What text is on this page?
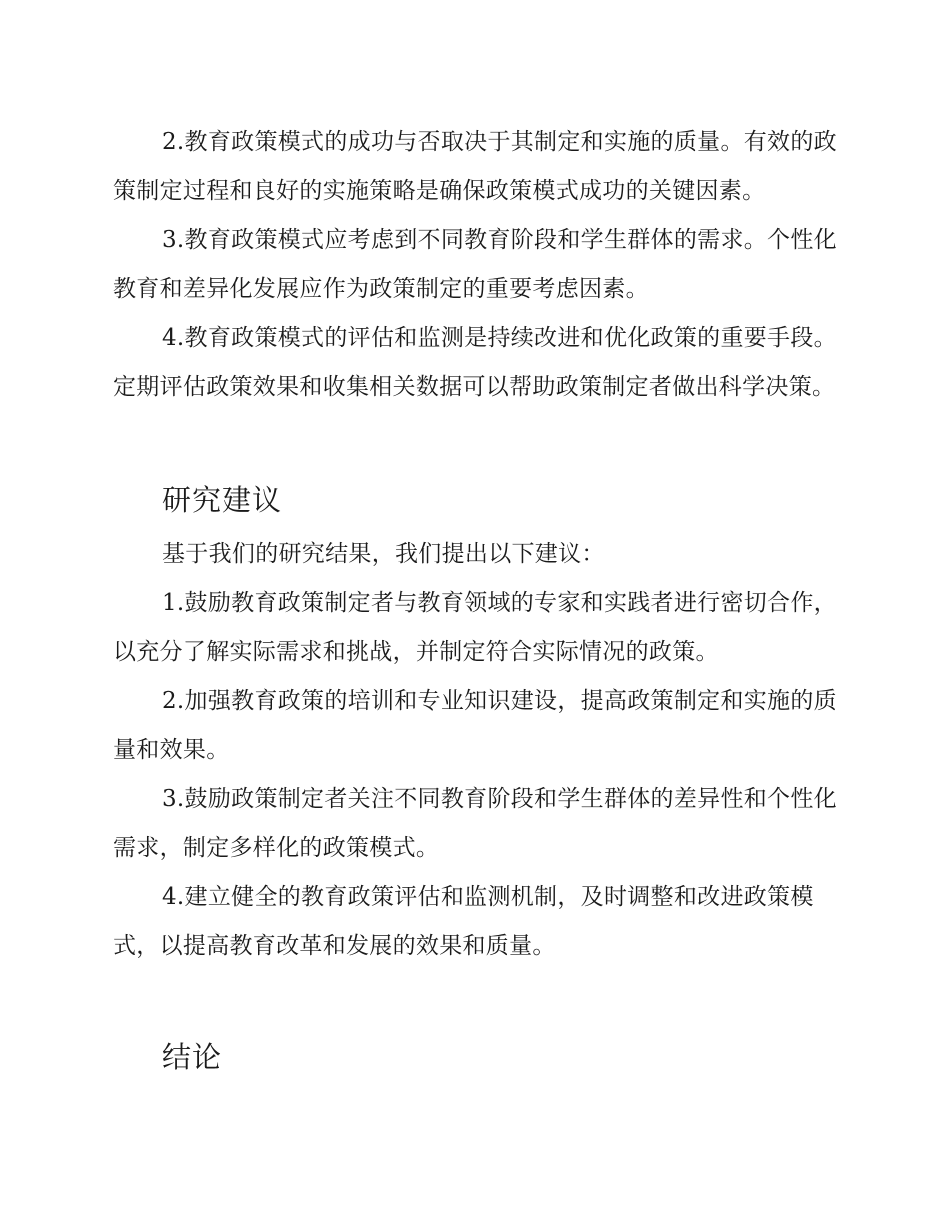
2.教育政策模式的成功与否取决于其制定和实施的质量。有效的政策制定过程和良好的实施策略是确保政策模式成功的关键因素。

3.教育政策模式应考虑到不同教育阶段和学生群体的需求。个性化教育和差异化发展应作为政策制定的重要考虑因素。

4.教育政策模式的评估和监测是持续改进和优化政策的重要手段。定期评估政策效果和收集相关数据可以帮助政策制定者做出科学决策。

研究建议

基于我们的研究结果，我们提出以下建议：

1.鼓励教育政策制定者与教育领域的专家和实践者进行密切合作，以充分了解实际需求和挑战，并制定符合实际情况的政策。

2.加强教育政策的培训和专业知识建设，提高政策制定和实施的质量和效果。

3.鼓励政策制定者关注不同教育阶段和学生群体的差异性和个性化需求，制定多样化的政策模式。

4.建立健全的教育政策评估和监测机制，及时调整和改进政策模式，以提高教育改革和发展的效果和质量。

结论
